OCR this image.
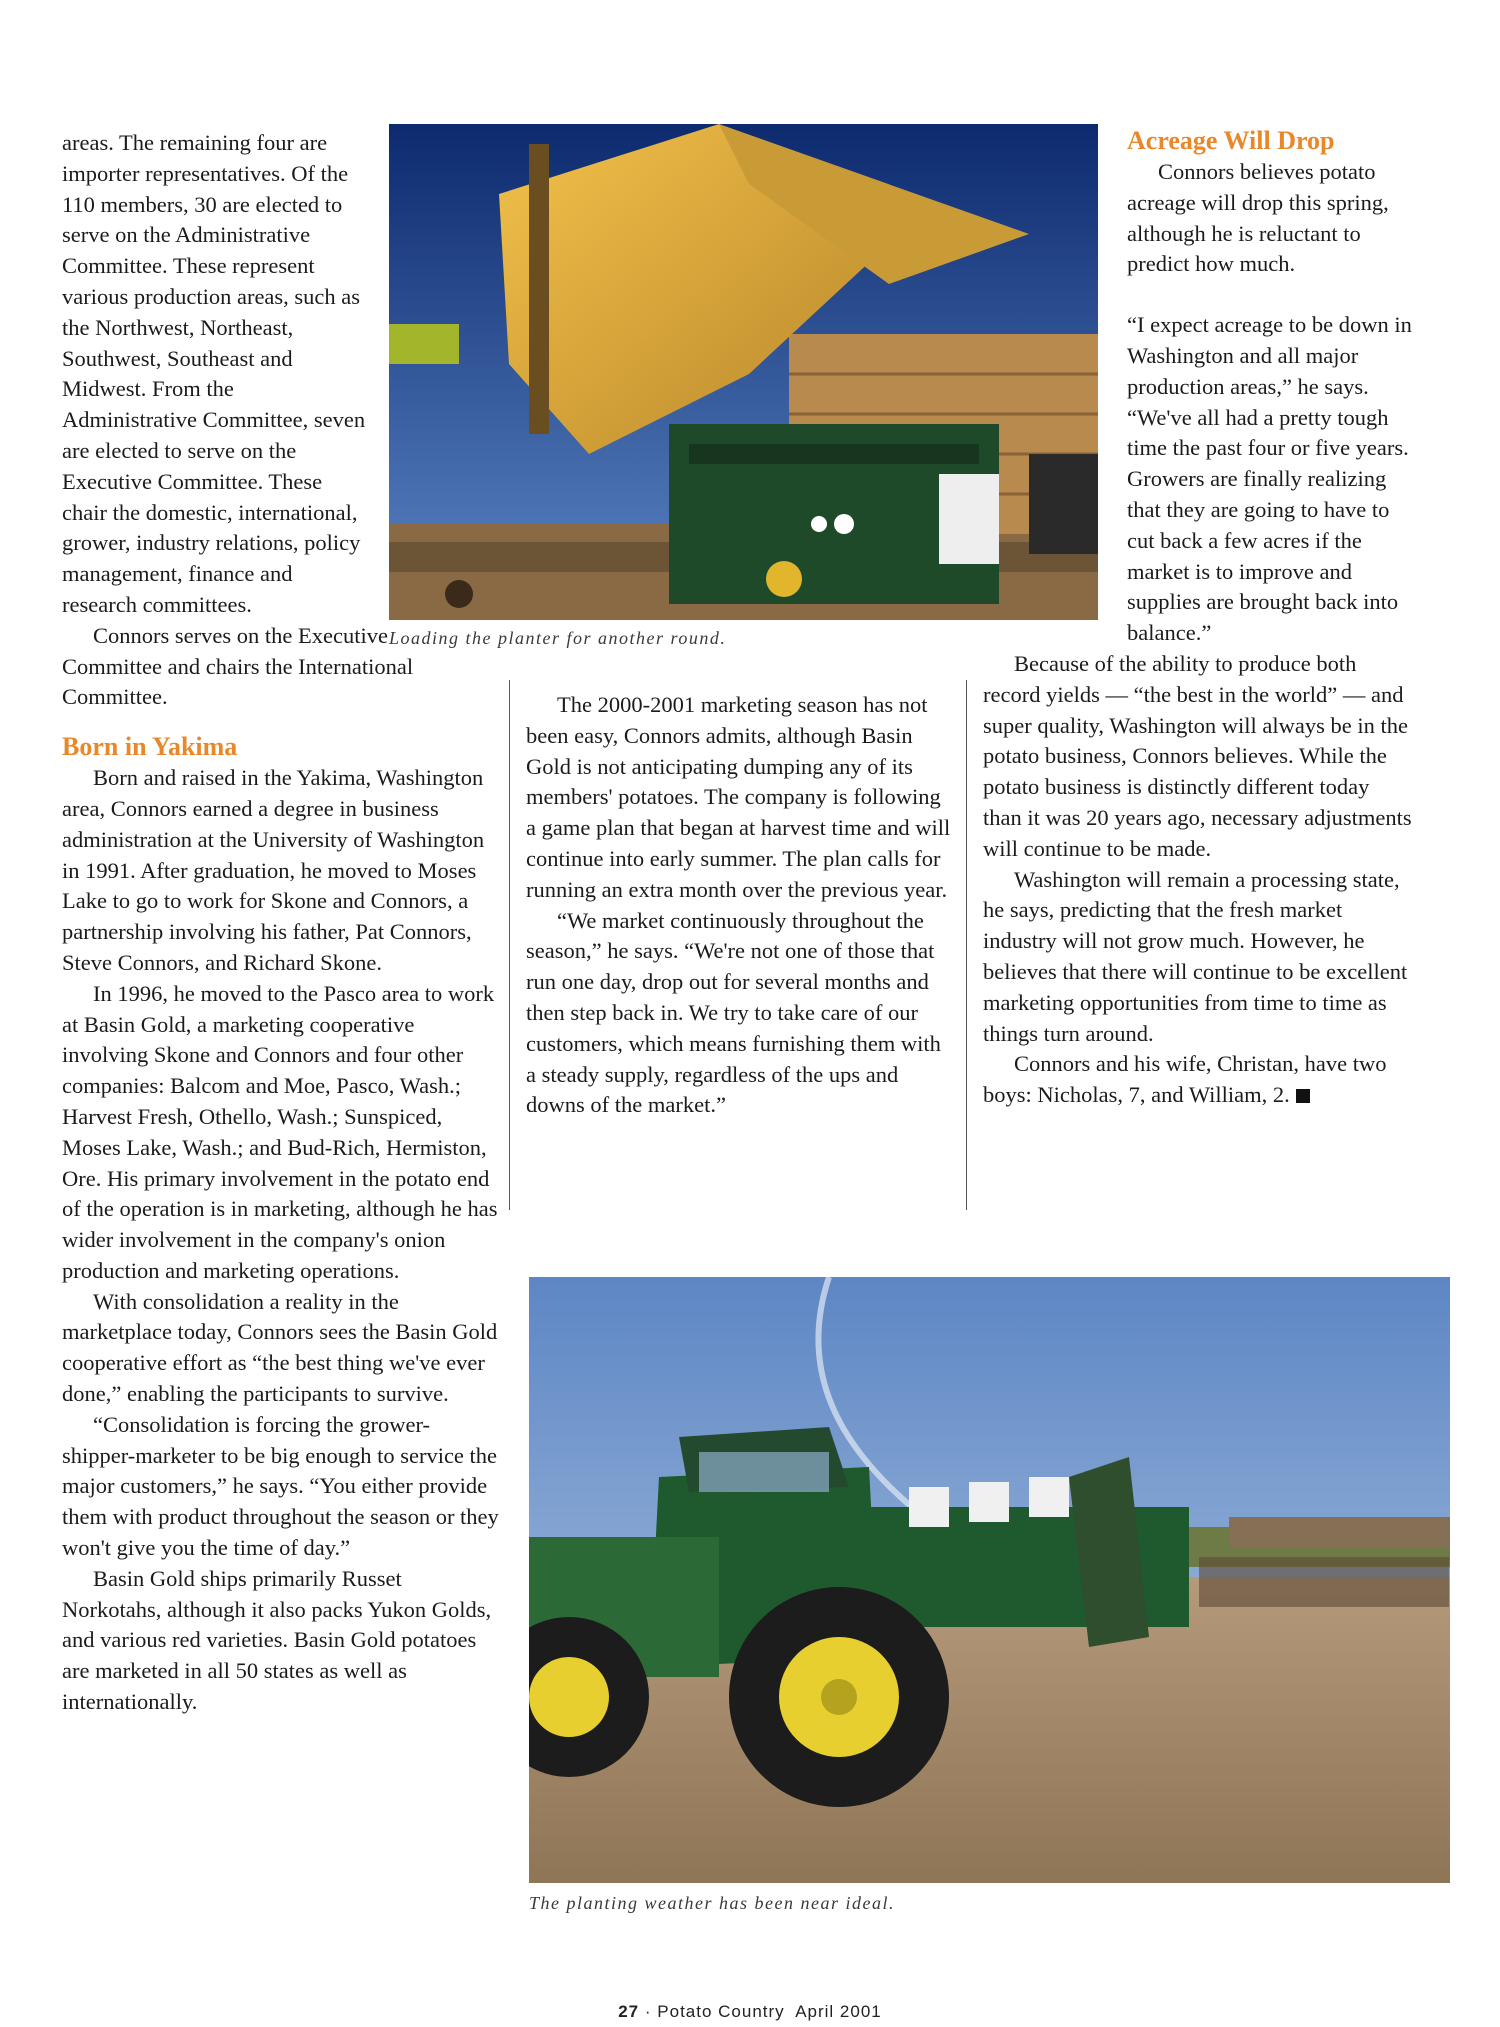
areas. The remaining four are importer representatives. Of the 110 members, 30 are elected to serve on the Administrative Committee. These represent various production areas, such as the Northwest, Northeast, Southwest, Southeast and Midwest. From the Administrative Committee, seven are elected to serve on the Executive Committee. These chair the domestic, international, grower, industry relations, policy management, finance and research committees.

Connors serves on the Executive Committee and chairs the International Committee.

Born in Yakima

Born and raised in the Yakima, Washington area, Connors earned a degree in business administration at the University of Washington in 1991. After graduation, he moved to Moses Lake to go to work for Skone and Connors, a partnership involving his father, Pat Connors, Steve Connors, and Richard Skone.

In 1996, he moved to the Pasco area to work at Basin Gold, a marketing cooperative involving Skone and Connors and four other companies: Balcom and Moe, Pasco, Wash.; Harvest Fresh, Othello, Wash.; Sunspiced, Moses Lake, Wash.; and Bud-Rich, Hermiston, Ore. His primary involvement in the potato end of the operation is in marketing, although he has wider involvement in the company's onion production and marketing operations.

With consolidation a reality in the marketplace today, Connors sees the Basin Gold cooperative effort as “the best thing we've ever done,” enabling the participants to survive.

“Consolidation is forcing the grower-shipper-marketer to be big enough to service the major customers,” he says. “You either provide them with product throughout the season or they won't give you the time of day.”

Basin Gold ships primarily Russet Norkotahs, although it also packs Yukon Golds, and various red varieties. Basin Gold potatoes are marketed in all 50 states as well as internationally.

Loading the planter for another round.

The 2000-2001 marketing season has not been easy, Connors admits, although Basin Gold is not anticipating dumping any of its members' potatoes. The company is following a game plan that began at harvest time and will continue into early summer. The plan calls for running an extra month over the previous year.

“We market continuously throughout the season,” he says. “We're not one of those that run one day, drop out for several months and then step back in. We try to take care of our customers, which means furnishing them with a steady supply, regardless of the ups and downs of the market.”

Acreage Will Drop

Connors believes potato acreage will drop this spring, although he is reluctant to predict how much.

“I expect acreage to be down in Washington and all major production areas,” he says. “We've all had a pretty tough time the past four or five years. Growers are finally realizing that they are going to have to cut back a few acres if the market is to improve and supplies are brought back into balance.”

Because of the ability to produce both record yields — “the best in the world” — and super quality, Washington will always be in the potato business, Connors believes. While the potato business is distinctly different today than it was 20 years ago, necessary adjustments will continue to be made.

Washington will remain a processing state, he says, predicting that the fresh market industry will not grow much. However, he believes that there will continue to be excellent marketing opportunities from time to time as things turn around.

Connors and his wife, Christan, have two boys: Nicholas, 7, and William, 2.

The planting weather has been near ideal.
27 · Potato Country April 2001
